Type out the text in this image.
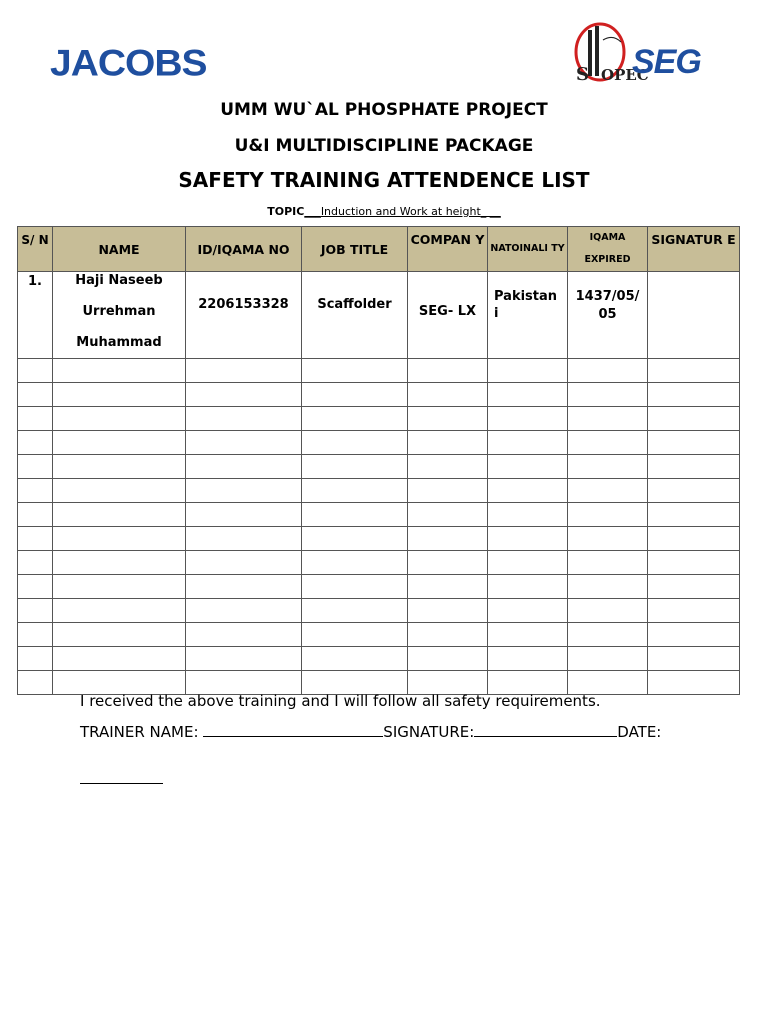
JACOBS	S OPEC
SEG
UMM WU`AL PHOSPHATE PROJECT
U&I MULTIDISCIPLINE PACKAGE
SAFETY TRAINING ATTENDENCE LIST
TOPIC___Induction and Work at height_ __
S/ N	NAME	ID/IQAMA NO	JOB TITLE	COMPAN Y	NATOINALI TY	IQAMA EXPIRED	SIGNATUR E
1.	Haji Naseeb
Urrehman
Muhammad	2206153328	Scaffolder	SEG- LX	Pakistan i	1437/05/ 05	

I received the above training and I will follow all safety requirements.
TRAINER NAME:	SIGNATURE:	DATE:
